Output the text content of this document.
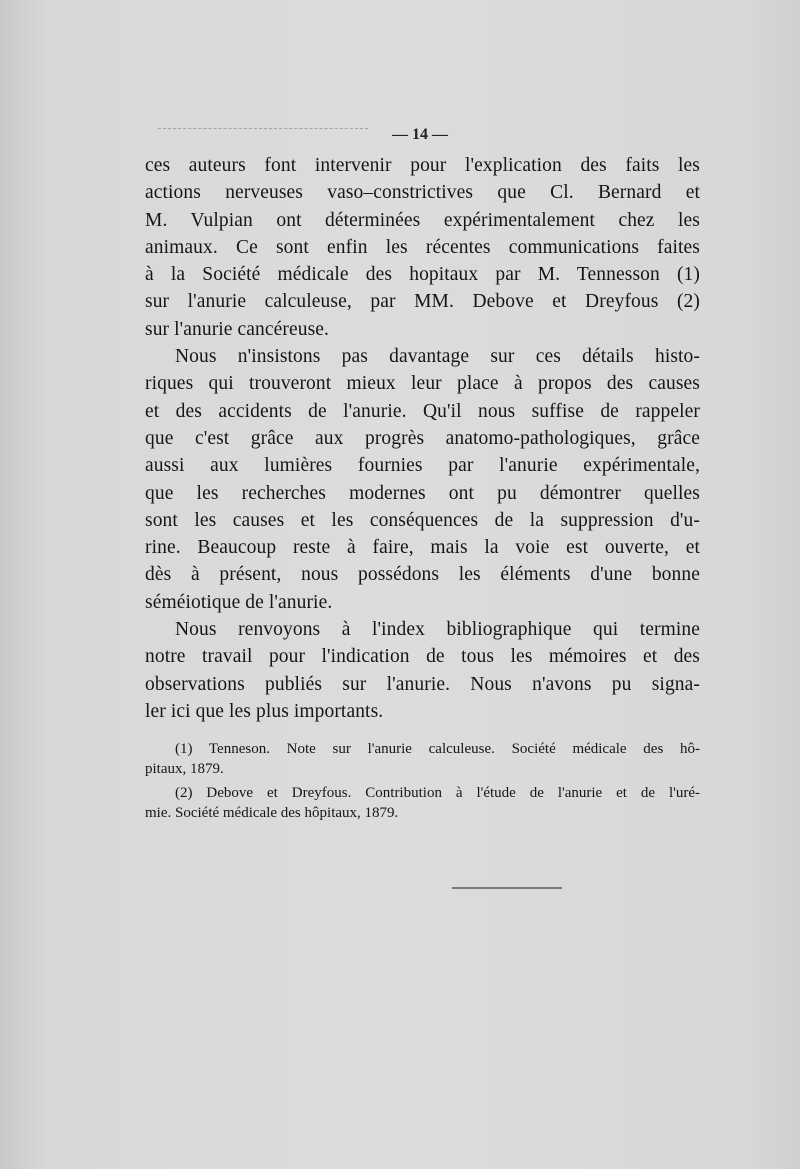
— 14 —

ces auteurs font intervenir pour l'explication des faits les
actions nerveuses vaso–constrictives que Cl. Bernard et
M. Vulpian ont déterminées expérimentalement chez les
animaux. Ce sont enfin les récentes communications faites
à la Société médicale des hopitaux par M. Tennesson (1)
sur l'anurie calculeuse, par MM. Debove et Dreyfous (2)
sur l'anurie cancéreuse.

Nous n'insistons pas davantage sur ces détails histo-
riques qui trouveront mieux leur place à propos des causes
et des accidents de l'anurie. Qu'il nous suffise de rappeler
que c'est grâce aux progrès anatomo-pathologiques, grâce
aussi aux lumières fournies par l'anurie expérimentale,
que les recherches modernes ont pu démontrer quelles
sont les causes et les conséquences de la suppression d'u-
rine. Beaucoup reste à faire, mais la voie est ouverte, et
dès à présent, nous possédons les éléments d'une bonne
séméiotique de l'anurie.

Nous renvoyons à l'index bibliographique qui termine
notre travail pour l'indication de tous les mémoires et des
observations publiés sur l'anurie. Nous n'avons pu signa-
ler ici que les plus importants.

(1) Tenneson. Note sur l'anurie calculeuse. Société médicale des hô-
pitaux, 1879.
(2) Debove et Dreyfous. Contribution à l'étude de l'anurie et de l'uré-
mie. Société médicale des hôpitaux, 1879.
